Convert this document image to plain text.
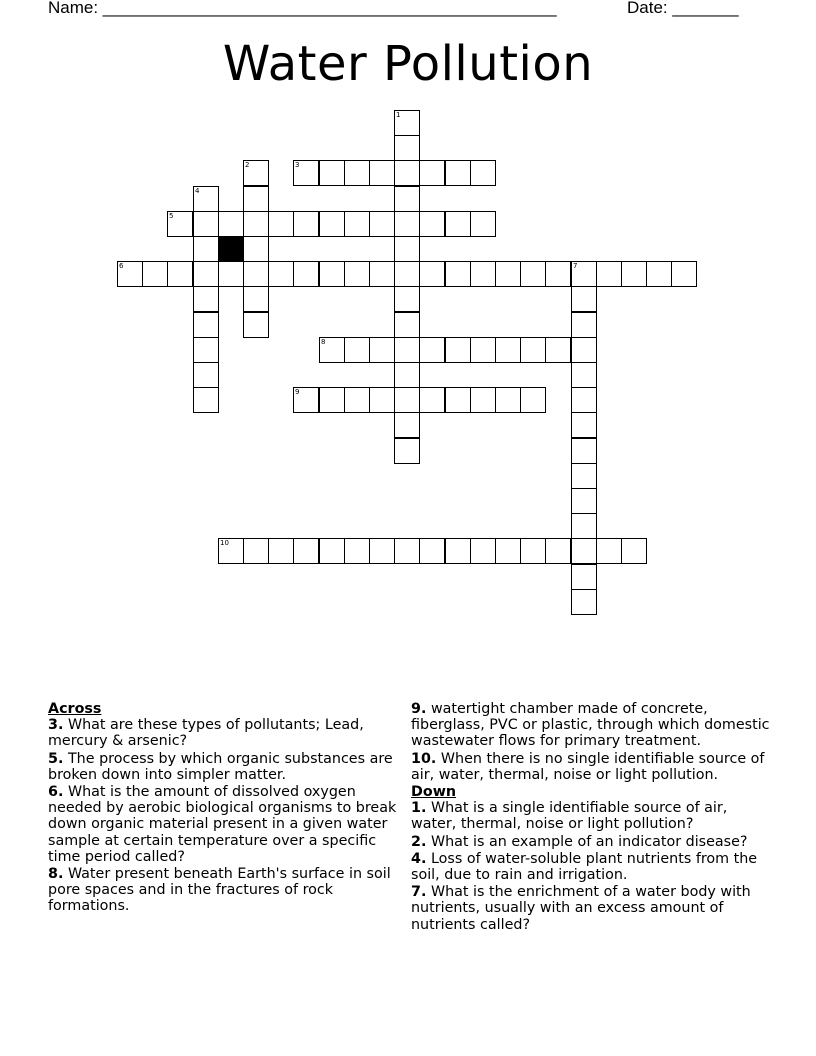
Name: ________________________________________________	Date: _______
Water Pollution
1
2	3
4
5
6	7
8
9
10
Across
3. What are these types of pollutants; Lead, mercury & arsenic?
5. The process by which organic substances are broken down into simpler matter.
6. What is the amount of dissolved oxygen needed by aerobic biological organisms to break down organic material present in a given water sample at certain temperature over a specific time period called?
8. Water present beneath Earth's surface in soil pore spaces and in the fractures of rock formations.
9. watertight chamber made of concrete, fiberglass, PVC or plastic, through which domestic wastewater flows for primary treatment.
10. When there is no single identifiable source of air, water, thermal, noise or light pollution.
Down
1. What is a single identifiable source of air, water, thermal, noise or light pollution?
2. What is an example of an indicator disease?
4. Loss of water-soluble plant nutrients from the soil, due to rain and irrigation.
7. What is the enrichment of a water body with nutrients, usually with an excess amount of nutrients called?
